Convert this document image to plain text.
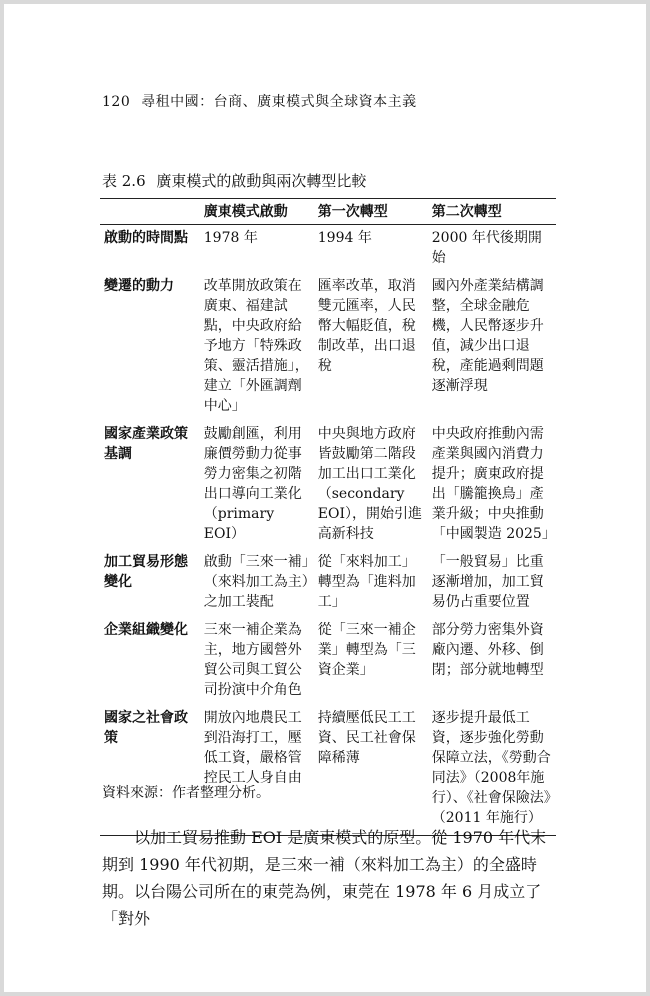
120 尋租中國：台商、廣東模式與全球資本主義
表 2.6 廣東模式的啟動與兩次轉型比較
	廣東模式啟動	第一次轉型	第二次轉型
啟動的時間點	1978 年	1994 年	2000 年代後期開始
變遷的動力	改革開放政策在廣東、福建試點，中央政府給予地方「特殊政策、靈活措施」，建立「外匯調劑中心」	匯率改革，取消雙元匯率，人民幣大幅貶值，稅制改革，出口退稅	國內外產業結構調整，全球金融危機，人民幣逐步升值，減少出口退稅，產能過剩問題逐漸浮現
國家產業政策基調	鼓勵創匯，利用廉價勞動力從事勞力密集之初階出口導向工業化（primary EOI）	中央與地方政府皆鼓勵第二階段加工出口工業化（secondary EOI），開始引進高新科技	中央政府推動內需產業與國內消費力提升；廣東政府提出「騰籠換鳥」產業升級；中央推動「中國製造 2025」
加工貿易形態變化	啟動「三來一補」（來料加工為主）之加工裝配	從「來料加工」轉型為「進料加工」	「一般貿易」比重逐漸增加，加工貿易仍占重要位置
企業組織變化	三來一補企業為主，地方國營外貿公司與工貿公司扮演中介角色	從「三來一補企業」轉型為「三資企業」	部分勞力密集外資廠內遷、外移、倒閉；部分就地轉型
國家之社會政策	開放內地農民工到沿海打工，壓低工資，嚴格管控民工人身自由	持續壓低民工工資、民工社會保障稀薄	逐步提升最低工資，逐步強化勞動保障立法，《勞動合同法》（2008年施行）、《社會保險法》（2011 年施行）
資料來源：作者整理分析。

以加工貿易推動 EOI 是廣東模式的原型。從 1970 年代末期到 1990 年代初期，是三來一補（來料加工為主）的全盛時期。以台陽公司所在的東莞為例，東莞在 1978 年 6 月成立了「對外
